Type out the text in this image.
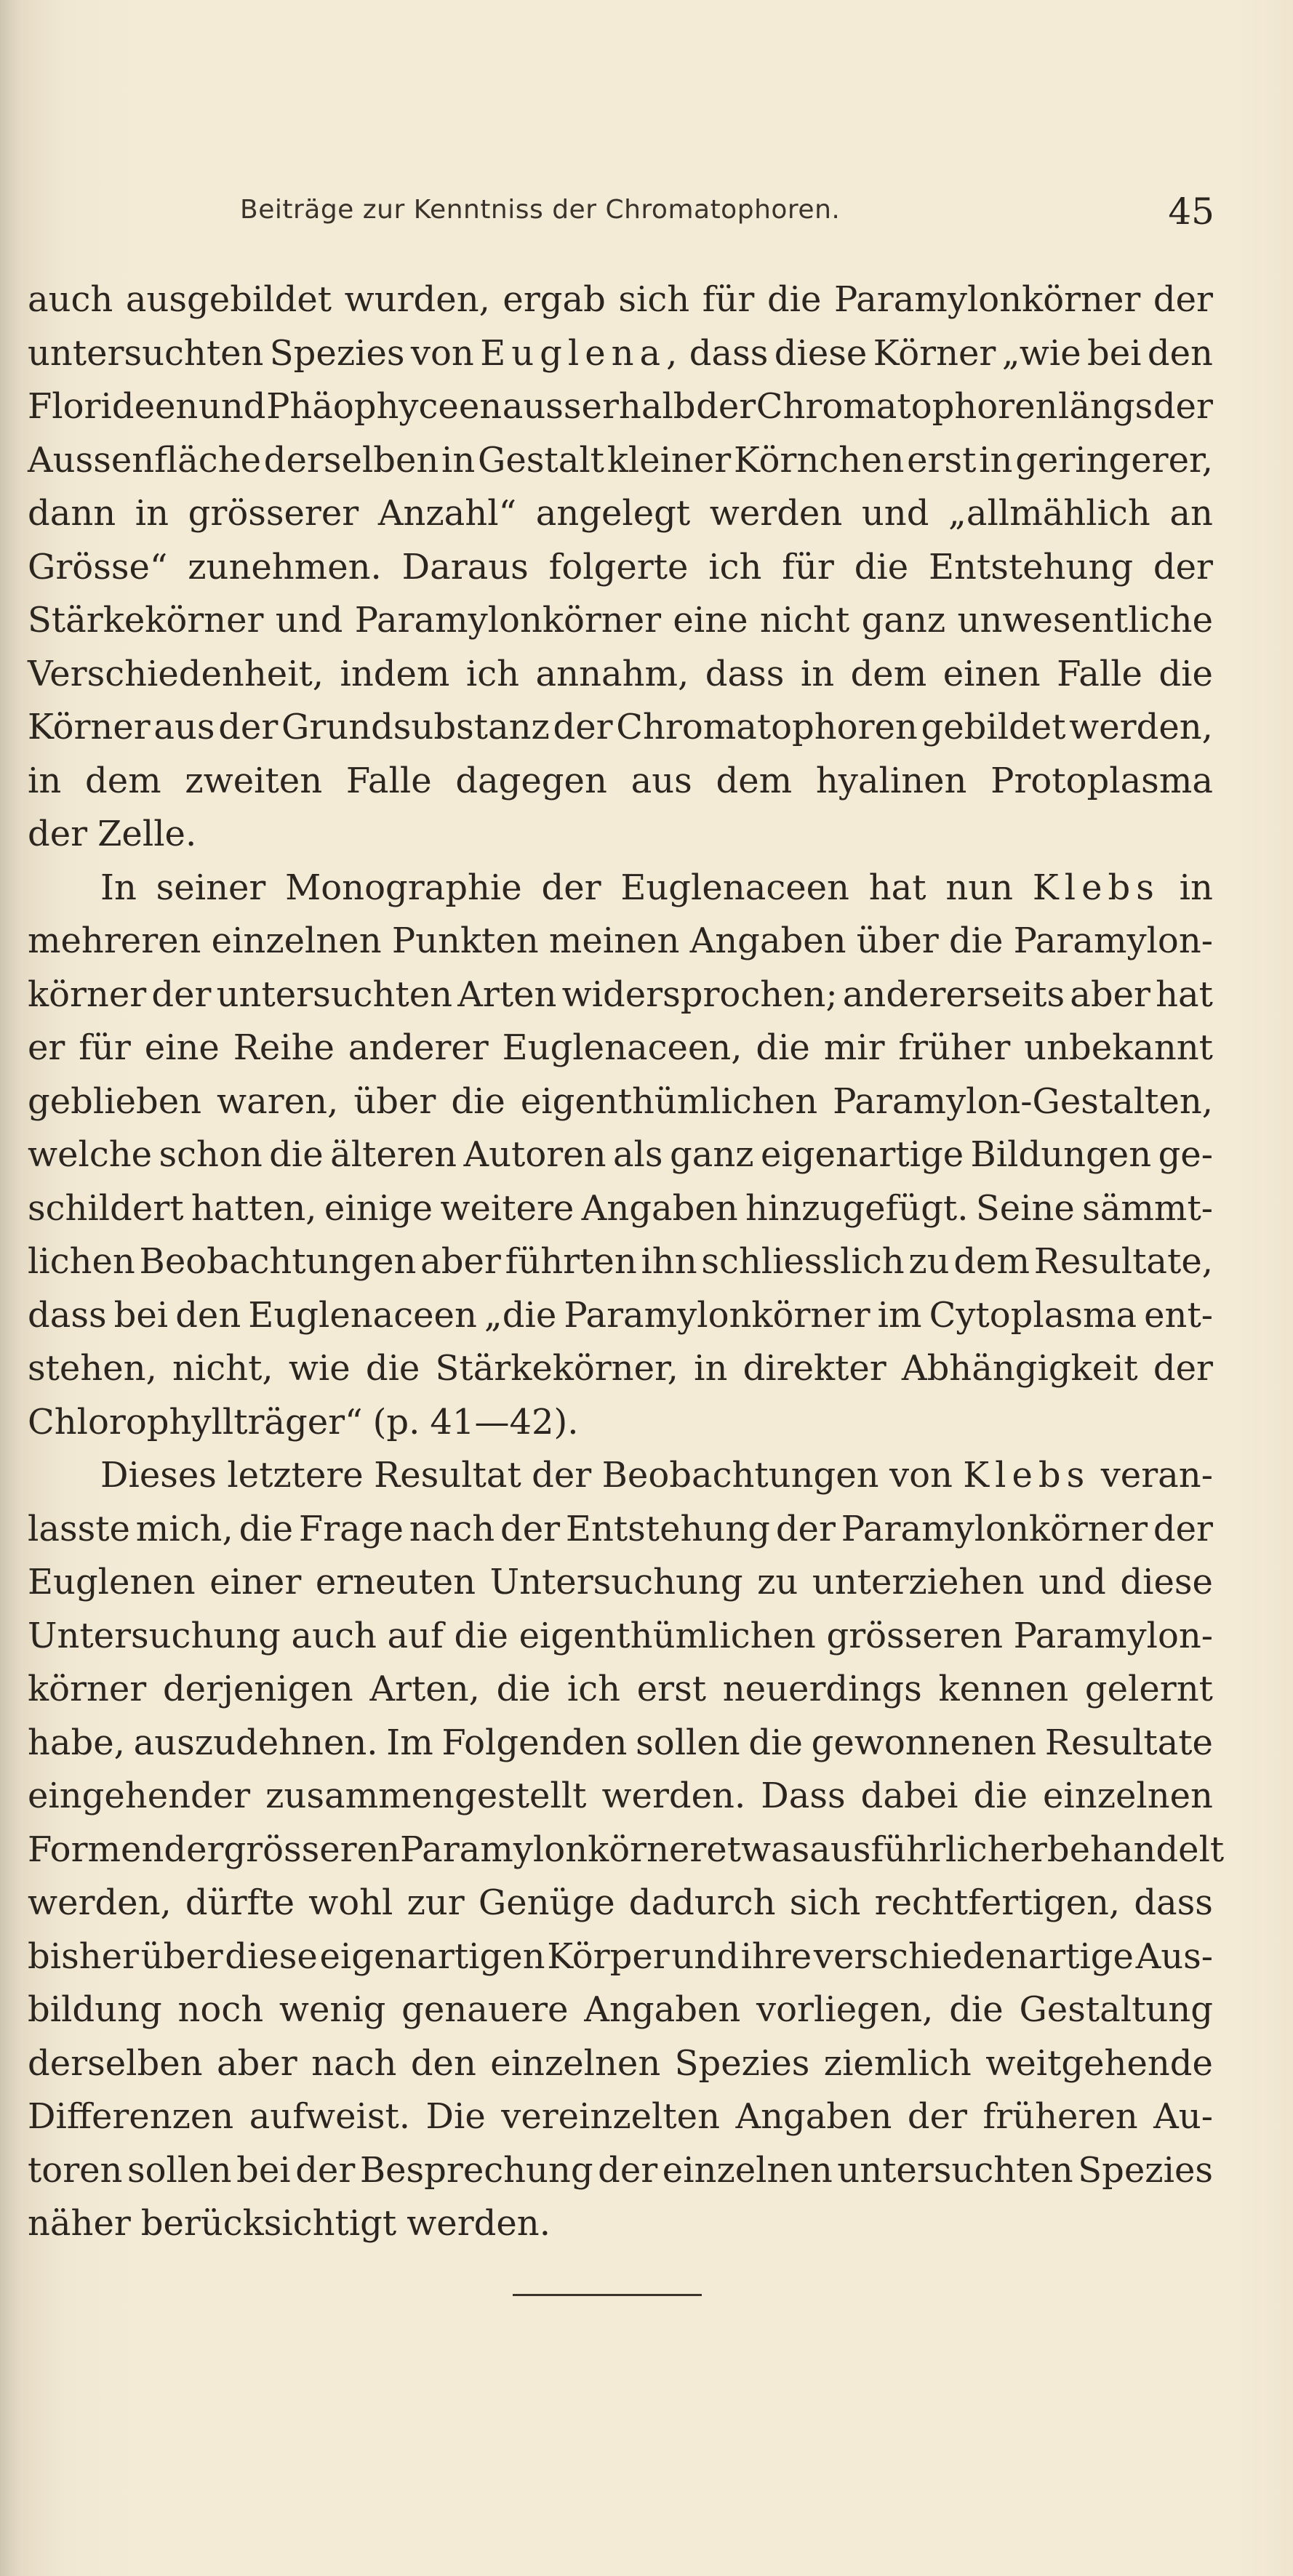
Beiträge zur Kenntniss der Chromatophoren.	45
auch ausgebildet wurden, ergab sich für die Paramylonkörner der
untersuchten Spezies von Euglena, dass diese Körner „wie bei den
Florideen und Phäophyceen ausserhalb der Chromatophoren längs der
Aussenfläche derselben in Gestalt kleiner Körnchen erst in geringerer,
dann in grösserer Anzahl“ angelegt werden und „allmählich an
Grösse“ zunehmen. Daraus folgerte ich für die Entstehung der
Stärkekörner und Paramylonkörner eine nicht ganz unwesentliche
Verschiedenheit, indem ich annahm, dass in dem einen Falle die
Körner aus der Grundsubstanz der Chromatophoren gebildet werden,
in dem zweiten Falle dagegen aus dem hyalinen Protoplasma
der Zelle.
In seiner Monographie der Euglenaceen hat nun Klebs in
mehreren einzelnen Punkten meinen Angaben über die Paramylon-
körner der untersuchten Arten widersprochen; andererseits aber hat
er für eine Reihe anderer Euglenaceen, die mir früher unbekannt
geblieben waren, über die eigenthümlichen Paramylon-Gestalten,
welche schon die älteren Autoren als ganz eigenartige Bildungen ge-
schildert hatten, einige weitere Angaben hinzugefügt. Seine sämmt-
lichen Beobachtungen aber führten ihn schliesslich zu dem Resultate,
dass bei den Euglenaceen „die Paramylonkörner im Cytoplasma ent-
stehen, nicht, wie die Stärkekörner, in direkter Abhängigkeit der
Chlorophyllträger“ (p. 41—42).
Dieses letztere Resultat der Beobachtungen von Klebs veran-
lasste mich, die Frage nach der Entstehung der Paramylonkörner der
Euglenen einer erneuten Untersuchung zu unterziehen und diese
Untersuchung auch auf die eigenthümlichen grösseren Paramylon-
körner derjenigen Arten, die ich erst neuerdings kennen gelernt
habe, auszudehnen. Im Folgenden sollen die gewonnenen Resultate
eingehender zusammengestellt werden. Dass dabei die einzelnen
Formen der grösseren Paramylonkörner etwas ausführlicher behandelt
werden, dürfte wohl zur Genüge dadurch sich rechtfertigen, dass
bisher über diese eigenartigen Körper und ihre verschiedenartige Aus-
bildung noch wenig genauere Angaben vorliegen, die Gestaltung
derselben aber nach den einzelnen Spezies ziemlich weitgehende
Differenzen aufweist. Die vereinzelten Angaben der früheren Au-
toren sollen bei der Besprechung der einzelnen untersuchten Spezies
näher berücksichtigt werden.
